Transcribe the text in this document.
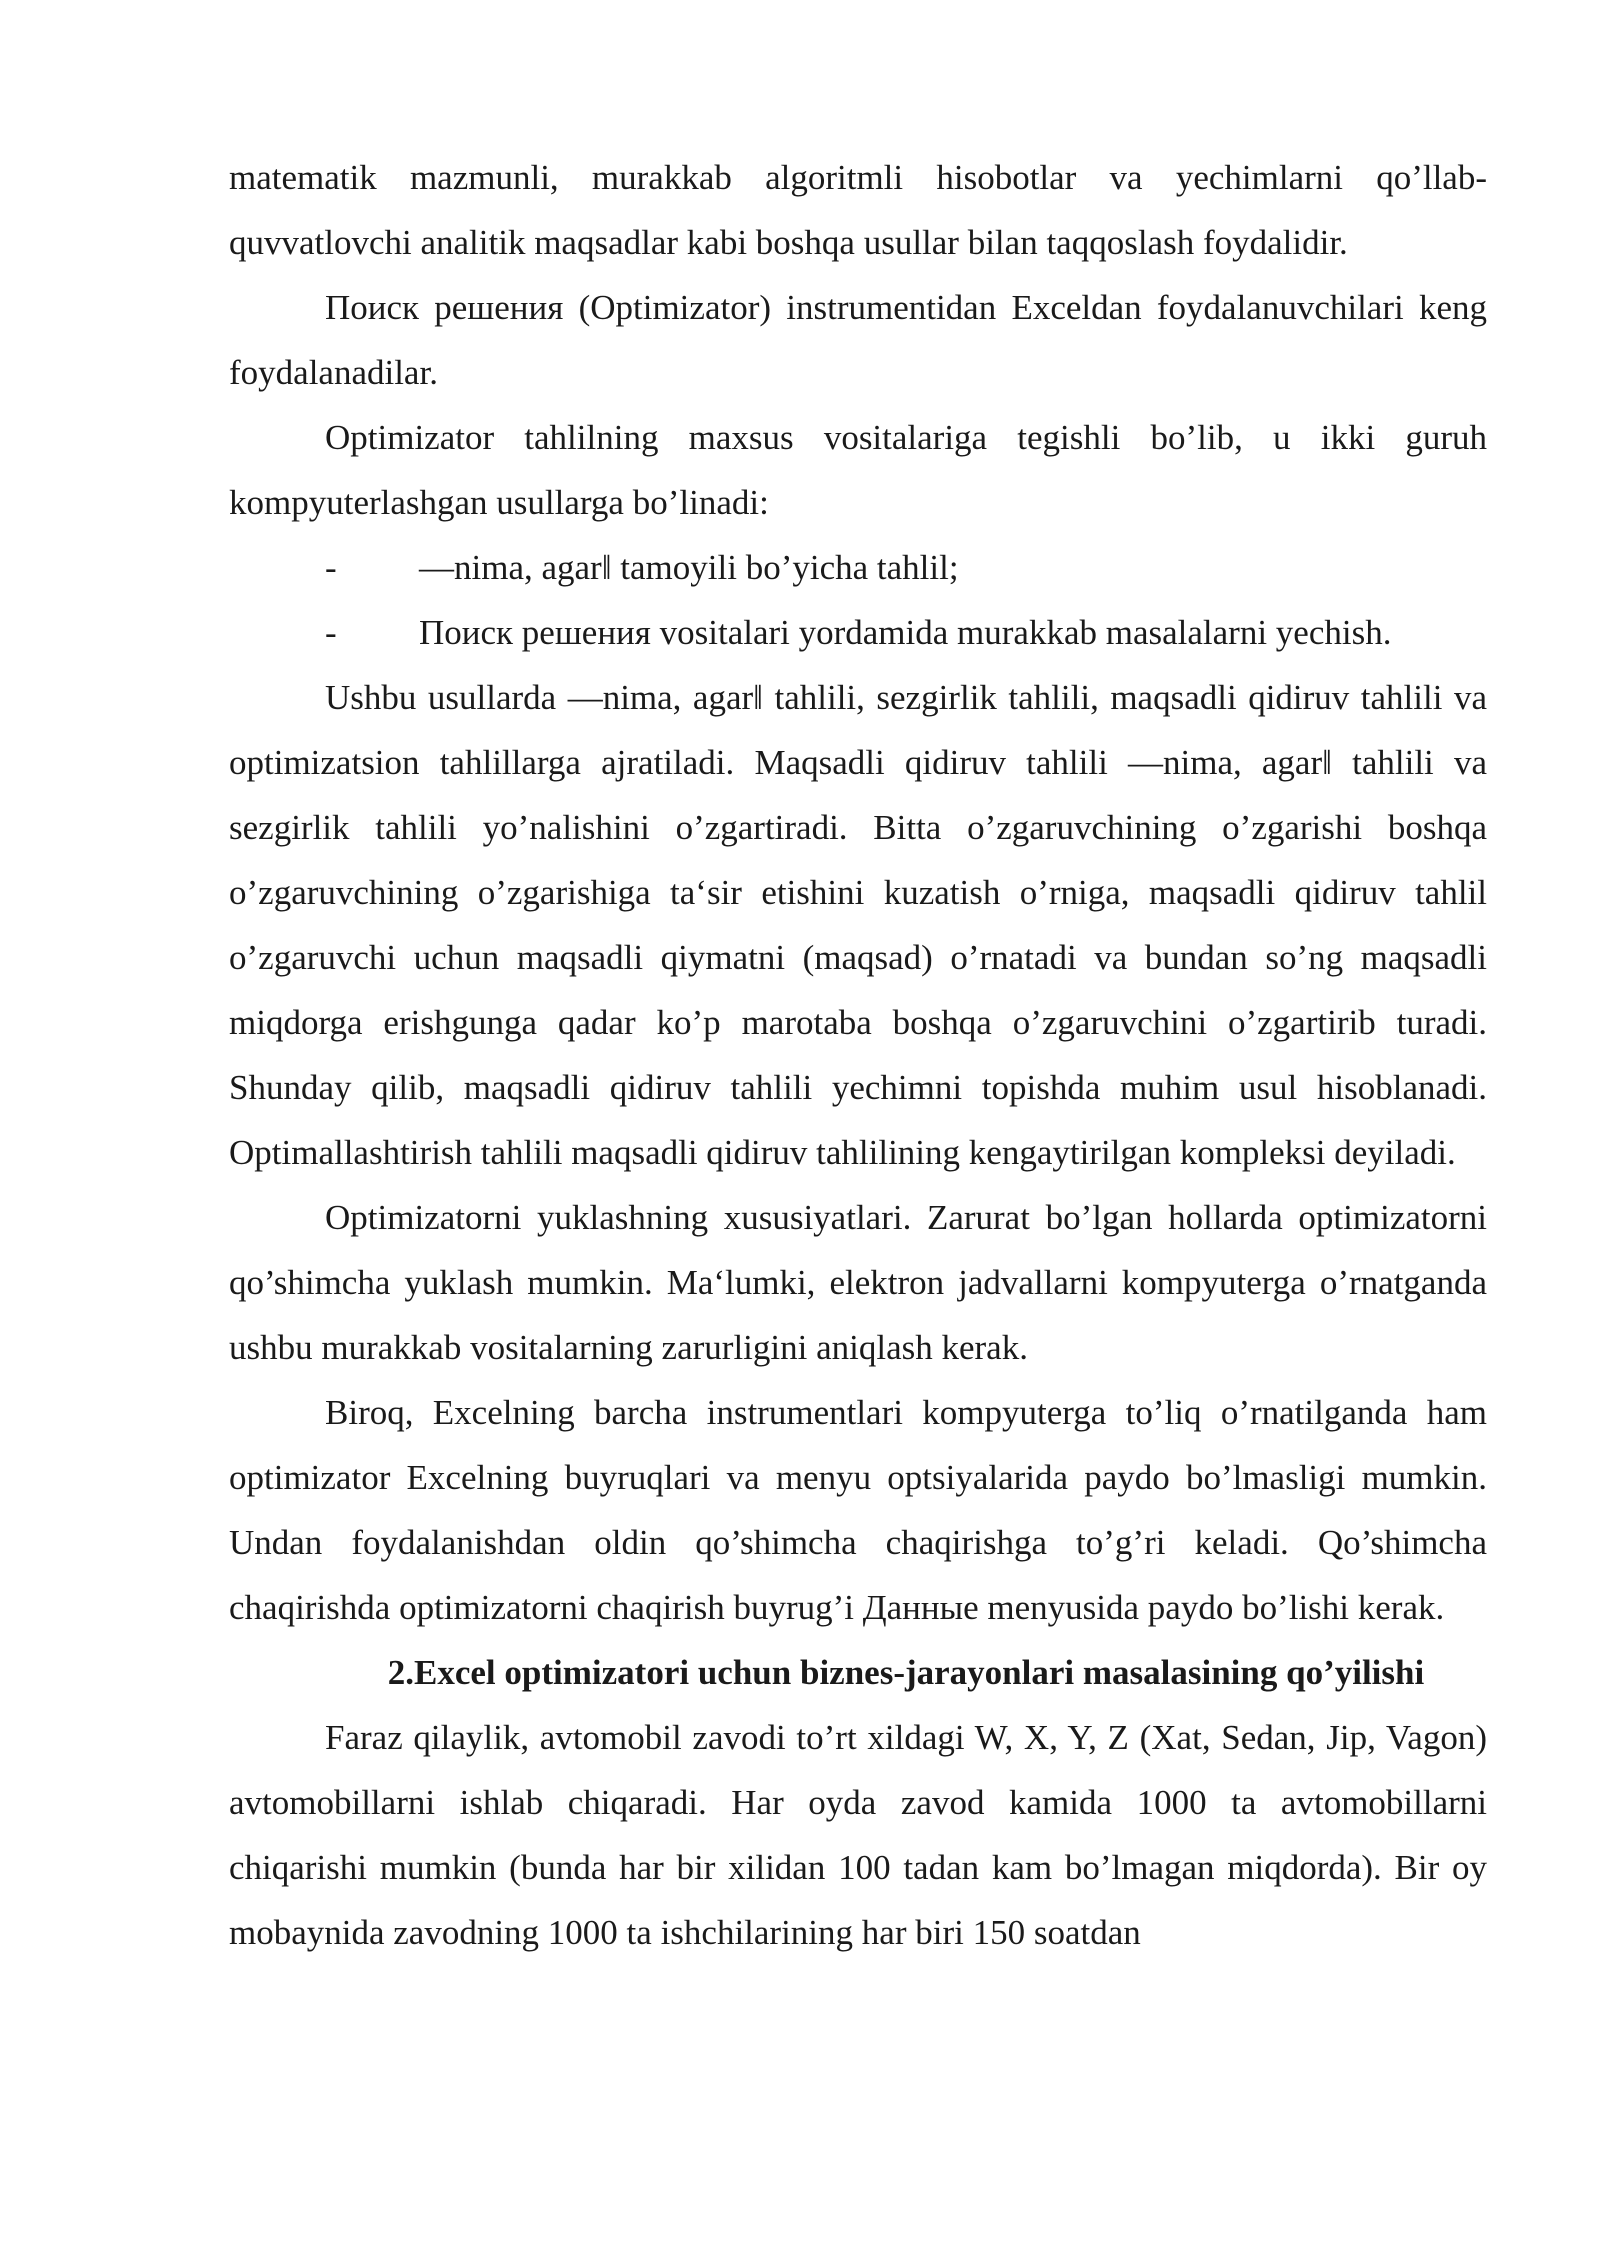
matematik mazmunli, murakkab algoritmli hisobotlar va yechimlarni qo’llab-quvvatlovchi analitik maqsadlar kabi boshqa usullar bilan taqqoslash foydalidir.

Поиск решения (Optimizator) instrumentidan Exceldan foydalanuvchilari keng foydalanadilar.

Optimizator tahlilning maxsus vositalariga tegishli bo’lib, u ikki guruh kompyuterlashgan usullarga bo’linadi:

- ―nima, agar‖ tamoyili bo’yicha tahlil;
- Поиск решения vositalari yordamida murakkab masalalarni yechish.

Ushbu usullarda ―nima, agar‖ tahlili, sezgirlik tahlili, maqsadli qidiruv tahlili va optimizatsion tahlillarga ajratiladi. Maqsadli qidiruv tahlili ―nima, agar‖ tahlili va sezgirlik tahlili yo’nalishini o’zgartiradi. Bitta o’zgaruvchining o’zgarishi boshqa o’zgaruvchining o’zgarishiga ta‘sir etishini kuzatish o’rniga, maqsadli qidiruv tahlil o’zgaruvchi uchun maqsadli qiymatni (maqsad) o’rnatadi va bundan so’ng maqsadli miqdorga erishgunga qadar ko’p marotaba boshqa o’zgaruvchini o’zgartirib turadi. Shunday qilib, maqsadli qidiruv tahlili yechimni topishda muhim usul hisoblanadi. Optimallashtirish tahlili maqsadli qidiruv tahlilining kengaytirilgan kompleksi deyiladi.

Optimizatorni yuklashning xususiyatlari. Zarurat bo’lgan hollarda optimizatorni qo’shimcha yuklash mumkin. Ma‘lumki, elektron jadvallarni kompyuterga o’rnatganda ushbu murakkab vositalarning zarurligini aniqlash kerak.

Biroq, Excelning barcha instrumentlari kompyuterga to’liq o’rnatilganda ham optimizator Excelning buyruqlari va menyu optsiyalarida paydo bo’lmasligi mumkin. Undan foydalanishdan oldin qo’shimcha chaqirishga to’g’ri keladi. Qo’shimcha chaqirishda optimizatorni chaqirish buyrug’i Данные menyusida paydo bo’lishi kerak.

2.Excel optimizatori uchun biznes-jarayonlari masalasining qo’yilishi

Faraz qilaylik, avtomobil zavodi to’rt xildagi W, X, Y, Z (Xat, Sedan, Jip, Vagon) avtomobillarni ishlab chiqaradi. Har oyda zavod kamida 1000 ta avtomobillarni chiqarishi mumkin (bunda har bir xilidan 100 tadan kam bo’lmagan miqdorda). Bir oy mobaynida zavodning 1000 ta ishchilarining har biri 150 soatdan
